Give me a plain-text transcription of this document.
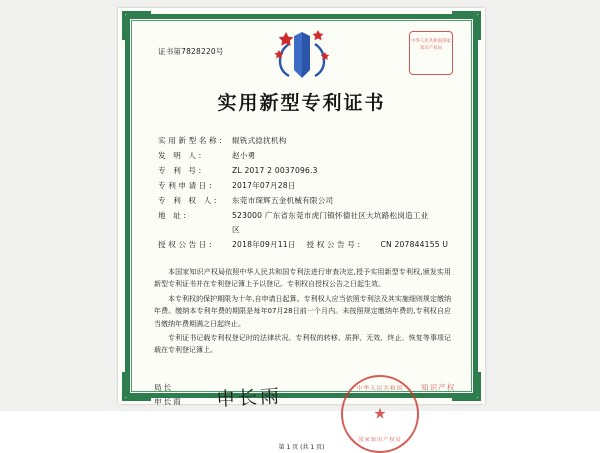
证书第7828220号
中华人民共和国国家知识产权局
实用新型专利证书
实用新型名称:	辊铣式捻扰机构
发 明 人:	赵小勇
专 利 号:	ZL 2017 2 0037096.3
专利申请日:	2017年07月28日
专 利 权 人:	东莞市琛辉五金机械有限公司
地 址:	523000 广东省东莞市虎门镇怀德社区大坑路松岗造工业
区
授权公告日:	2018年09月11日	授权公告号:	CN 207844155 U
本国家知识产权局依照中华人民共和国专利法进行审查决定,授予实用新型专利权,颁发实用新型专利证书并在专利登记簿上予以登记。专利权自授权公告之日起生效。
本专利权的保护期限为十年,自申请日起算。专利权人应当依照专利法及其实施细则规定缴纳年费。缴纳本专利年费的期限是每年07月28日前一个月内。未按照规定缴纳年费的,专利权自应当缴纳年费期满之日起终止。
专利证书记载专利权登记时的法律状况。专利权的转移、质押、无效、终止、恢复等事项记载在专利登记簿上。
局长
申长雨	申长雨	中华人民共和国
★
国家知识产权局
知识产权
第 1 页 (共 1 页)
